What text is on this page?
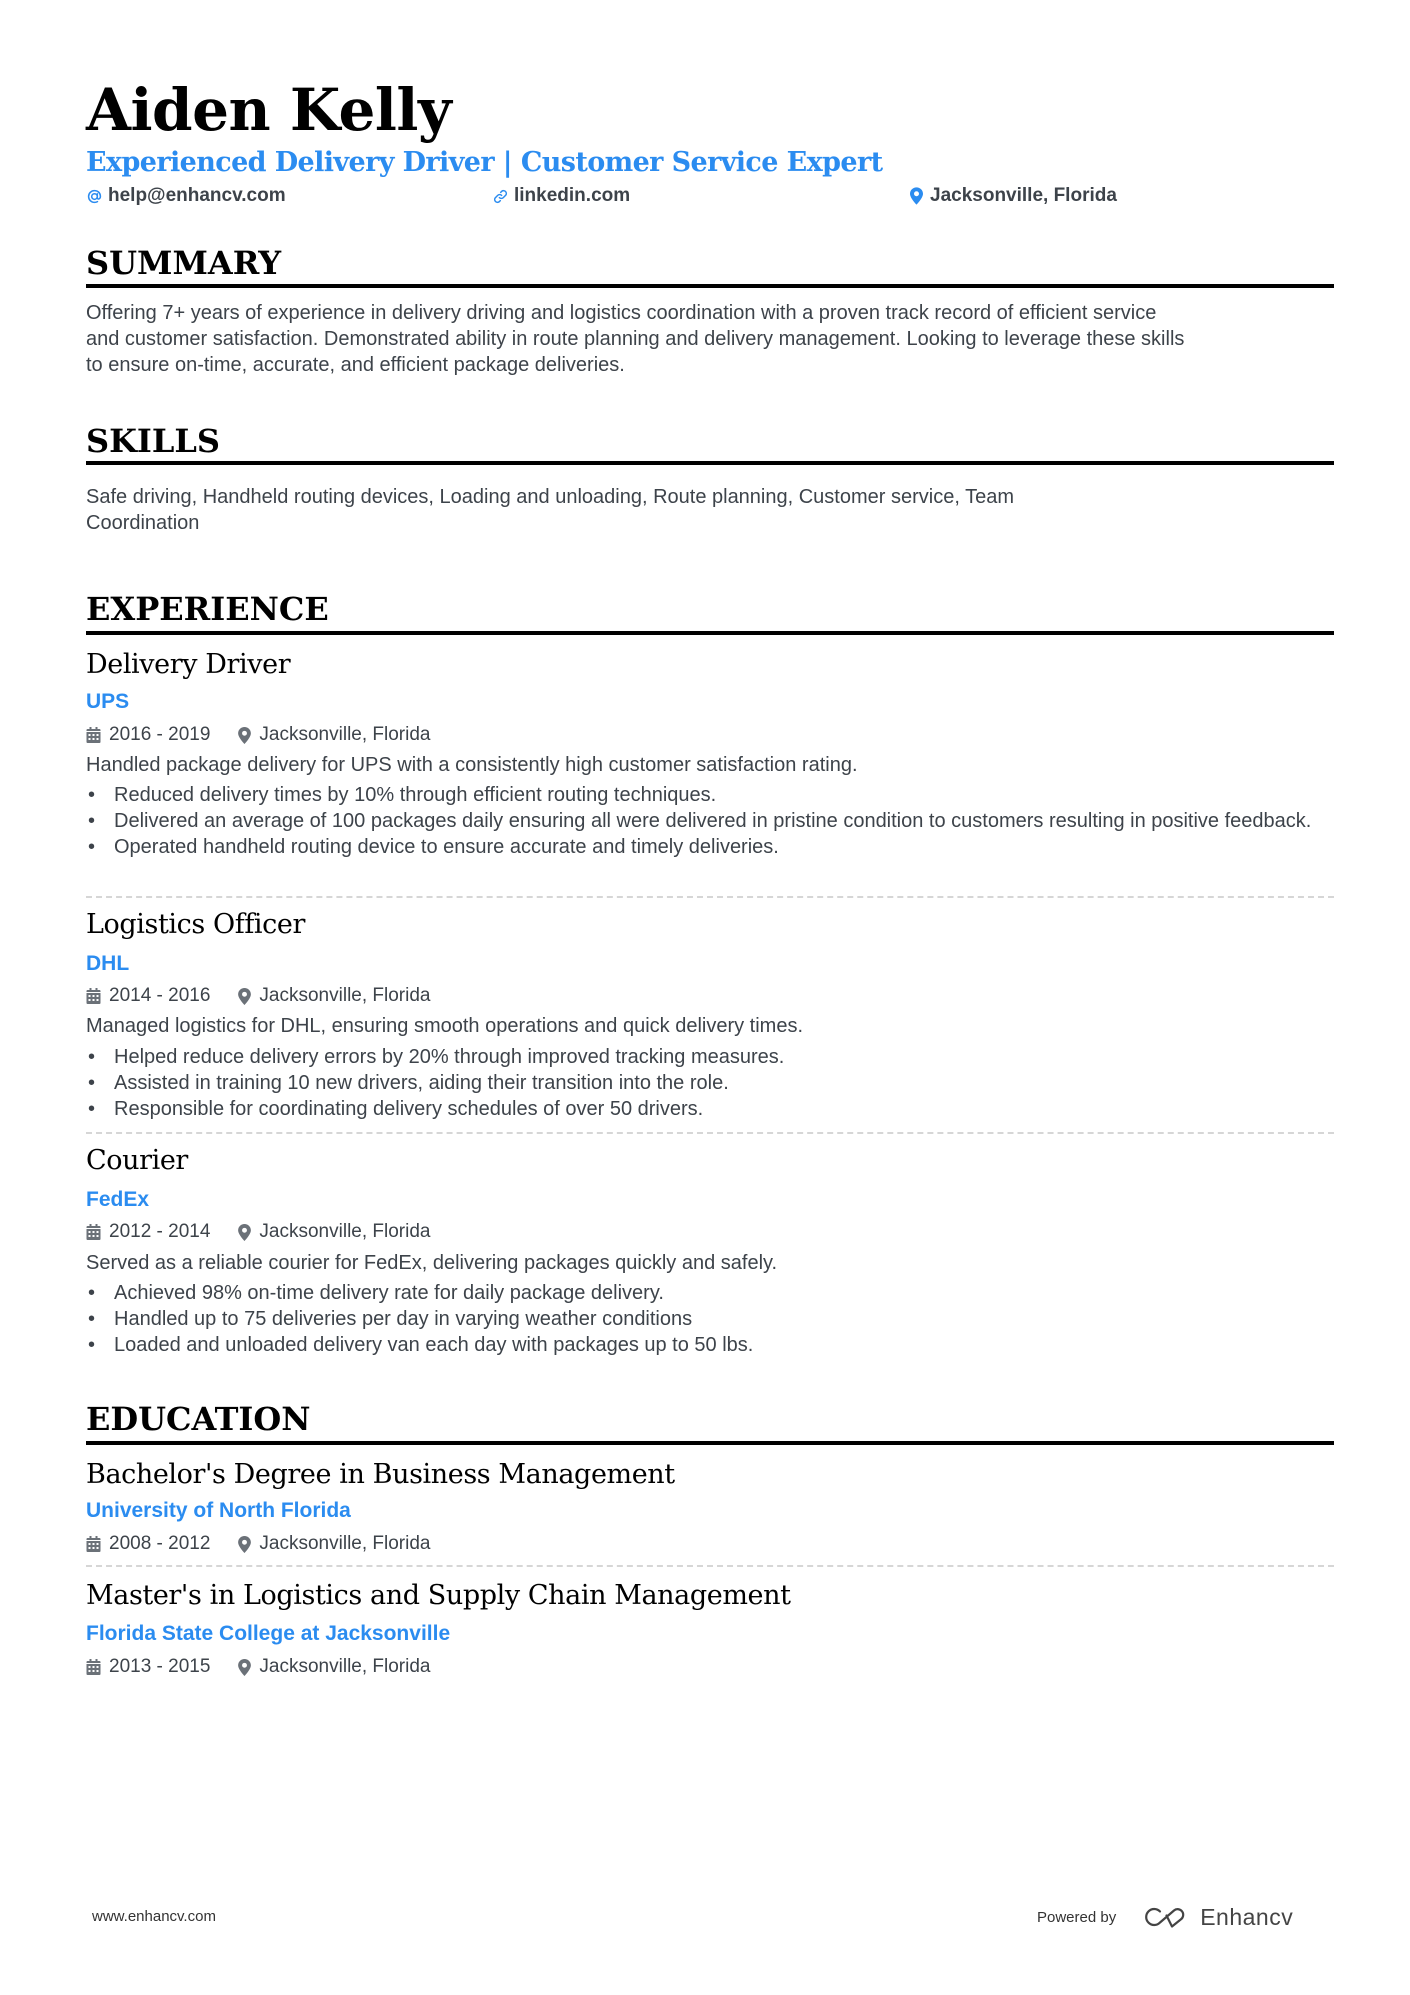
Aiden Kelly
Experienced Delivery Driver | Customer Service Expert
help@enhancv.com	linkedin.com	Jacksonville, Florida
SUMMARY
Offering 7+ years of experience in delivery driving and logistics coordination with a proven track record of efficient service
and customer satisfaction. Demonstrated ability in route planning and delivery management. Looking to leverage these skills
to ensure on-time, accurate, and efficient package deliveries.
SKILLS
Safe driving, Handheld routing devices, Loading and unloading, Route planning, Customer service, Team
Coordination
EXPERIENCE
Delivery Driver
UPS
2016 - 2019	Jacksonville, Florida
Handled package delivery for UPS with a consistently high customer satisfaction rating.
• Reduced delivery times by 10% through efficient routing techniques.
• Delivered an average of 100 packages daily ensuring all were delivered in pristine condition to customers resulting in positive feedback.
• Operated handheld routing device to ensure accurate and timely deliveries.
Logistics Officer
DHL
2014 - 2016	Jacksonville, Florida
Managed logistics for DHL, ensuring smooth operations and quick delivery times.
• Helped reduce delivery errors by 20% through improved tracking measures.
• Assisted in training 10 new drivers, aiding their transition into the role.
• Responsible for coordinating delivery schedules of over 50 drivers.
Courier
FedEx
2012 - 2014	Jacksonville, Florida
Served as a reliable courier for FedEx, delivering packages quickly and safely.
• Achieved 98% on-time delivery rate for daily package delivery.
• Handled up to 75 deliveries per day in varying weather conditions
• Loaded and unloaded delivery van each day with packages up to 50 lbs.
EDUCATION
Bachelor's Degree in Business Management
University of North Florida
2008 - 2012	Jacksonville, Florida
Master's in Logistics and Supply Chain Management
Florida State College at Jacksonville
2013 - 2015	Jacksonville, Florida
www.enhancv.com	Powered by	Enhancv
